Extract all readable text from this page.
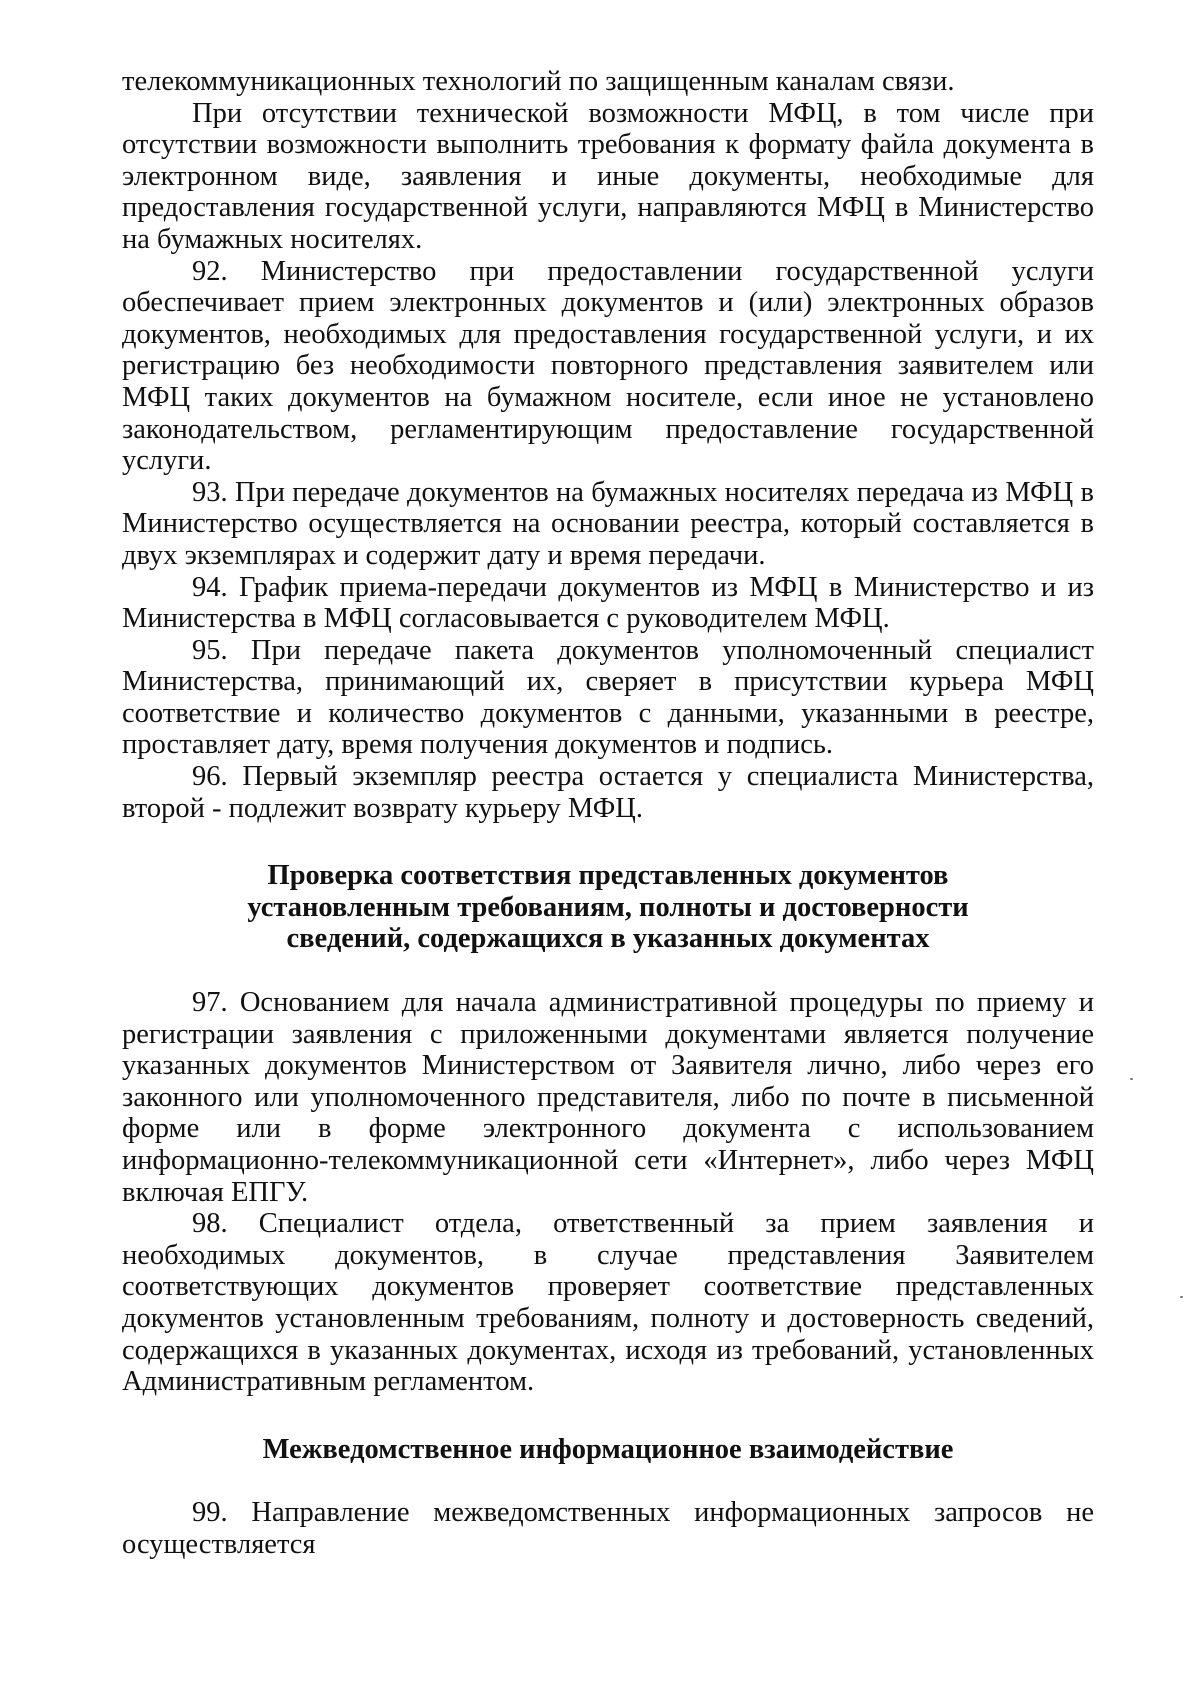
телекоммуникационных технологий по защищенным каналам связи.

При отсутствии технической возможности МФЦ, в том числе при отсутствии возможности выполнить требования к формату файла документа в электронном виде, заявления и иные документы, необходимые для предоставления государственной услуги, направляются МФЦ в Министерство на бумажных носителях.

92. Министерство при предоставлении государственной услуги обеспечивает прием электронных документов и (или) электронных образов документов, необходимых для предоставления государственной услуги, и их регистрацию без необходимости повторного представления заявителем или МФЦ таких документов на бумажном носителе, если иное не установлено законодательством, регламентирующим предоставление государственной услуги.

93. При передаче документов на бумажных носителях передача из МФЦ в Министерство осуществляется на основании реестра, который составляется в двух экземплярах и содержит дату и время передачи.

94. График приема-передачи документов из МФЦ в Министерство и из Министерства в МФЦ согласовывается с руководителем МФЦ.

95. При передаче пакета документов уполномоченный специалист Министерства, принимающий их, сверяет в присутствии курьера МФЦ соответствие и количество документов с данными, указанными в реестре, проставляет дату, время получения документов и подпись.

96. Первый экземпляр реестра остается у специалиста Министерства, второй - подлежит возврату курьеру МФЦ.

Проверка соответствия представленных документов
установленным требованиям, полноты и достоверности
сведений, содержащихся в указанных документах

97. Основанием для начала административной процедуры по приему и регистрации заявления с приложенными документами является получение указанных документов Министерством от Заявителя лично, либо через его законного или уполномоченного представителя, либо по почте в письменной форме или в форме электронного документа с использованием информационно-телекоммуникационной сети «Интернет», либо через МФЦ включая ЕПГУ.

98. Специалист отдела, ответственный за прием заявления и необходимых документов, в случае представления Заявителем соответствующих документов проверяет соответствие представленных документов установленным требованиям, полноту и достоверность сведений, содержащихся в указанных документах, исходя из требований, установленных Административным регламентом.

Межведомственное информационное взаимодействие

99. Направление межведомственных информационных запросов не осуществляется
